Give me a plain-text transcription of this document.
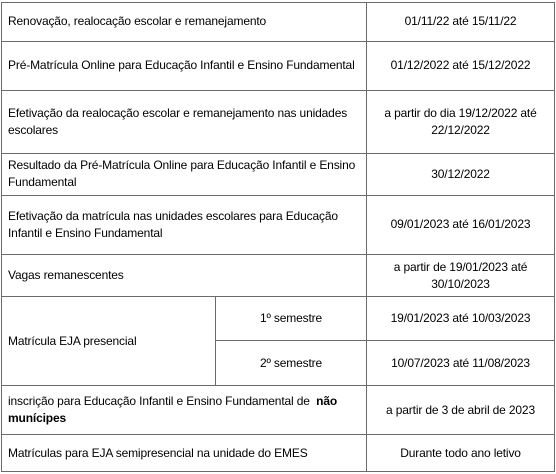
Renovação, realocação escolar e remanejamento		01/11/22 até 15/11/22
Pré-Matrícula Online para Educação Infantil e Ensino Fundamental		01/12/2022 até 15/12/2022
Efetivação da realocação escolar e remanejamento nas unidades escolares		a partir do dia 19/12/2022 até 22/12/2022
Resultado da Pré-Matrícula Online para Educação Infantil e Ensino Fundamental		30/12/2022
Efetivação da matrícula nas unidades escolares para Educação Infantil e Ensino Fundamental		09/01/2023 até 16/01/2023
Vagas remanescentes		a partir de 19/01/2023 até 30/10/2023
Matrícula EJA presencial	1º semestre	19/01/2023 até 10/03/2023
	2º semestre	10/07/2023 até 11/08/2023
inscrição para Educação Infantil e Ensino Fundamental de não munícipes		a partir de 3 de abril de 2023
Matrículas para EJA semipresencial na unidade do EMES		Durante todo ano letivo
